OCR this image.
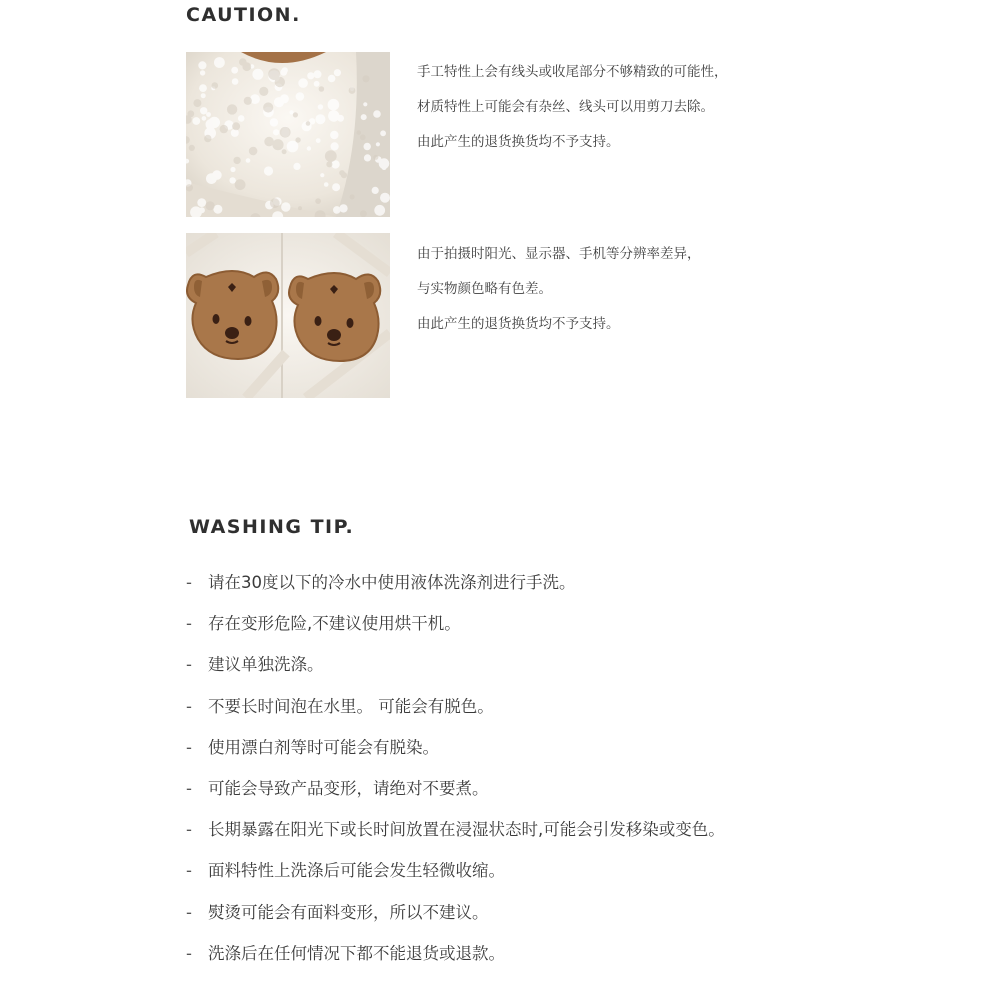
CAUTION.
手工特性上会有线头或收尾部分不够精致的可能性，
材质特性上可能会有杂丝、线头可以用剪刀去除。
由此产生的退货换货均不予支持。
由于拍摄时阳光、显示器、手机等分辨率差异，
与实物颜色略有色差。
由此产生的退货换货均不予支持。
WASHING TIP.
- 请在30度以下的冷水中使用液体洗涤剂进行手洗。
- 存在变形危险,不建议使用烘干机。
- 建议单独洗涤。
- 不要长时间泡在水里。 可能会有脱色。
- 使用漂白剂等时可能会有脱染。
- 可能会导致产品变形，请绝对不要煮。
- 长期暴露在阳光下或长时间放置在浸湿状态时,可能会引发移染或变色。
- 面料特性上洗涤后可能会发生轻微收缩。
- 熨烫可能会有面料变形，所以不建议。
- 洗涤后在任何情况下都不能退货或退款。
